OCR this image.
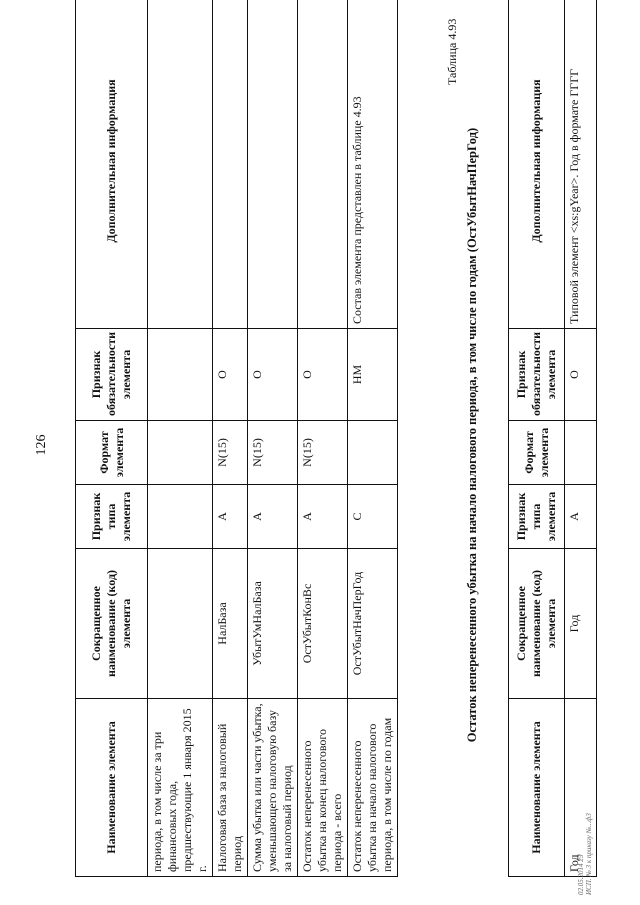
126
Наименование элемента	Сокращенное наименование (код) элемента	Признак типа элемента	Формат элемента	Признак обязательности элемента	Дополнительная информация
периода, в том числе за три финансовых года, предшествующие 1 января 2015 г.					
Налоговая база за налоговый период	НалБаза	А	N(15)	О	
Сумма убытка или части убытка, уменьшающего налоговую базу за налоговый период	УбытУмНалБаза	А	N(15)	О	
Остаток неперенесенного убытка на конец налогового периода - всего	ОстУбытКонВс	А	N(15)	О	
Остаток неперенесенного убытка на начало налогового периода, в том числе по годам	ОстУбытНачПерГод	С		НМ	Состав элемента представлен в таблице 4.93
Таблица 4.93
Остаток неперенесенного убытка на начало налогового периода, в том числе по годам (ОстУбытНачПерГод)
Наименование элемента	Сокращенное наименование (код) элемента	Признак типа элемента	Формат элемента	Признак обязательности элемента	Дополнительная информация
Год	Год	А		О	Типовой элемент <xs:gYear>. Год в формате ГГГГ
02.05.2014 25 ИСП. № 3 к приказу №...ф3
